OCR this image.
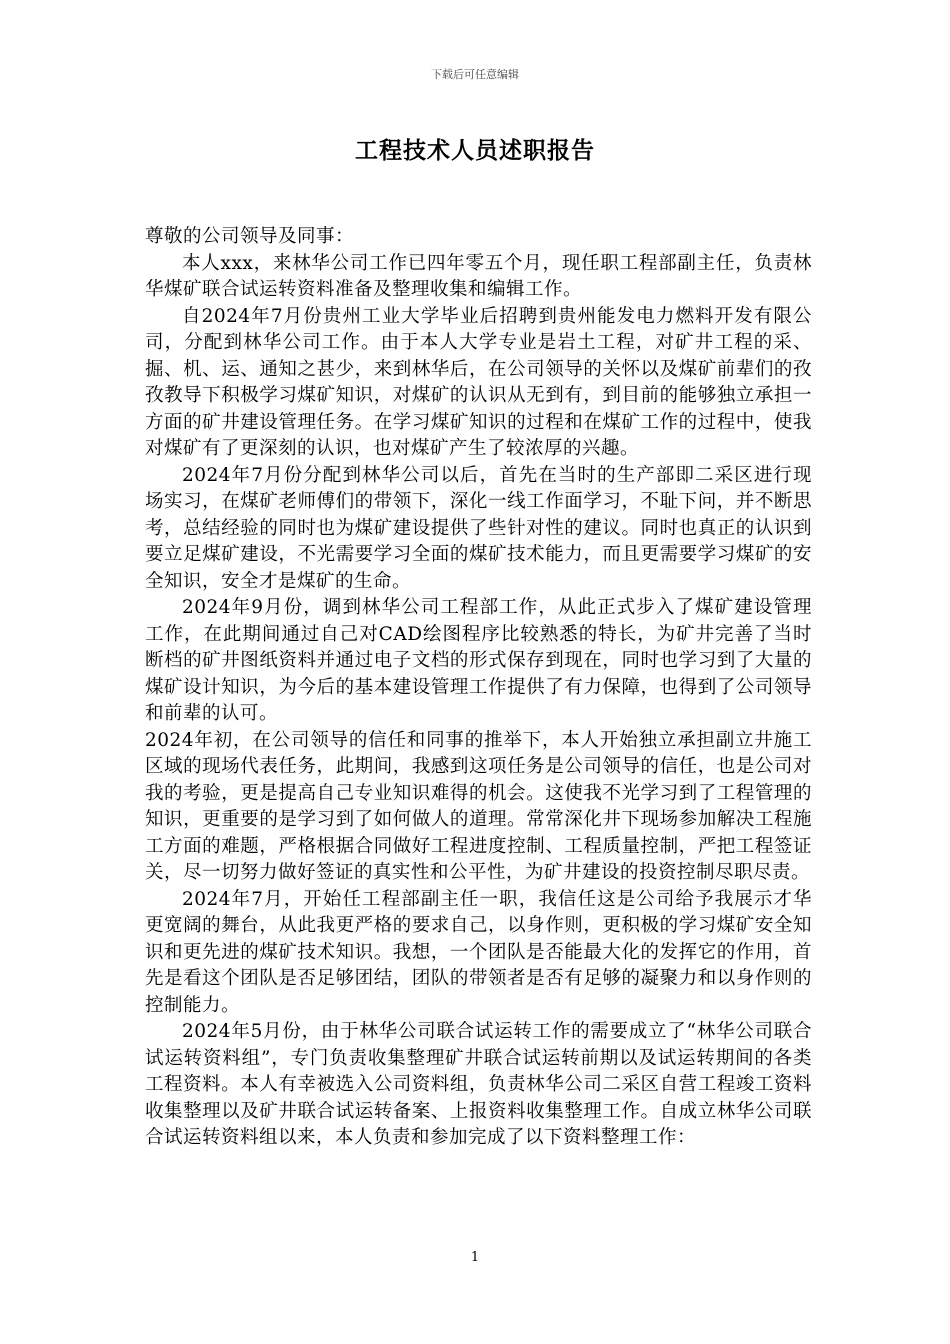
下载后可任意编辑
工程技术人员述职报告

尊敬的公司领导及同事：

本人xxx，来林华公司工作已四年零五个月，现任职工程部副主任，负责林华煤矿联合试运转资料准备及整理收集和编辑工作。

自2024年7月份贵州工业大学毕业后招聘到贵州能发电力燃料开发有限公司，分配到林华公司工作。由于本人大学专业是岩土工程，对矿井工程的采、掘、机、运、通知之甚少，来到林华后，在公司领导的关怀以及煤矿前辈们的孜孜教导下积极学习煤矿知识，对煤矿的认识从无到有，到目前的能够独立承担一方面的矿井建设管理任务。在学习煤矿知识的过程和在煤矿工作的过程中，使我对煤矿有了更深刻的认识，也对煤矿产生了较浓厚的兴趣。

2024年7月份分配到林华公司以后，首先在当时的生产部即二采区进行现场实习，在煤矿老师傅们的带领下，深化一线工作面学习，不耻下问，并不断思考，总结经验的同时也为煤矿建设提供了些针对性的建议。同时也真正的认识到要立足煤矿建设，不光需要学习全面的煤矿技术能力，而且更需要学习煤矿的安全知识，安全才是煤矿的生命。

2024年9月份，调到林华公司工程部工作，从此正式步入了煤矿建设管理工作，在此期间通过自己对CAD绘图程序比较熟悉的特长，为矿井完善了当时断档的矿井图纸资料并通过电子文档的形式保存到现在，同时也学习到了大量的煤矿设计知识，为今后的基本建设管理工作提供了有力保障，也得到了公司领导和前辈的认可。

2024年初，在公司领导的信任和同事的推举下，本人开始独立承担副立井施工区域的现场代表任务，此期间，我感到这项任务是公司领导的信任，也是公司对我的考验，更是提高自己专业知识难得的机会。这使我不光学习到了工程管理的知识，更重要的是学习到了如何做人的道理。常常深化井下现场参加解决工程施工方面的难题，严格根据合同做好工程进度控制、工程质量控制，严把工程签证关，尽一切努力做好签证的真实性和公平性，为矿井建设的投资控制尽职尽责。

2024年7月，开始任工程部副主任一职，我信任这是公司给予我展示才华更宽阔的舞台，从此我更严格的要求自己，以身作则，更积极的学习煤矿安全知识和更先进的煤矿技术知识。我想，一个团队是否能最大化的发挥它的作用，首先是看这个团队是否足够团结，团队的带领者是否有足够的凝聚力和以身作则的控制能力。

2024年5月份，由于林华公司联合试运转工作的需要成立了“林华公司联合试运转资料组”，专门负责收集整理矿井联合试运转前期以及试运转期间的各类工程资料。本人有幸被选入公司资料组，负责林华公司二采区自营工程竣工资料收集整理以及矿井联合试运转备案、上报资料收集整理工作。自成立林华公司联合试运转资料组以来，本人负责和参加完成了以下资料整理工作：

1
